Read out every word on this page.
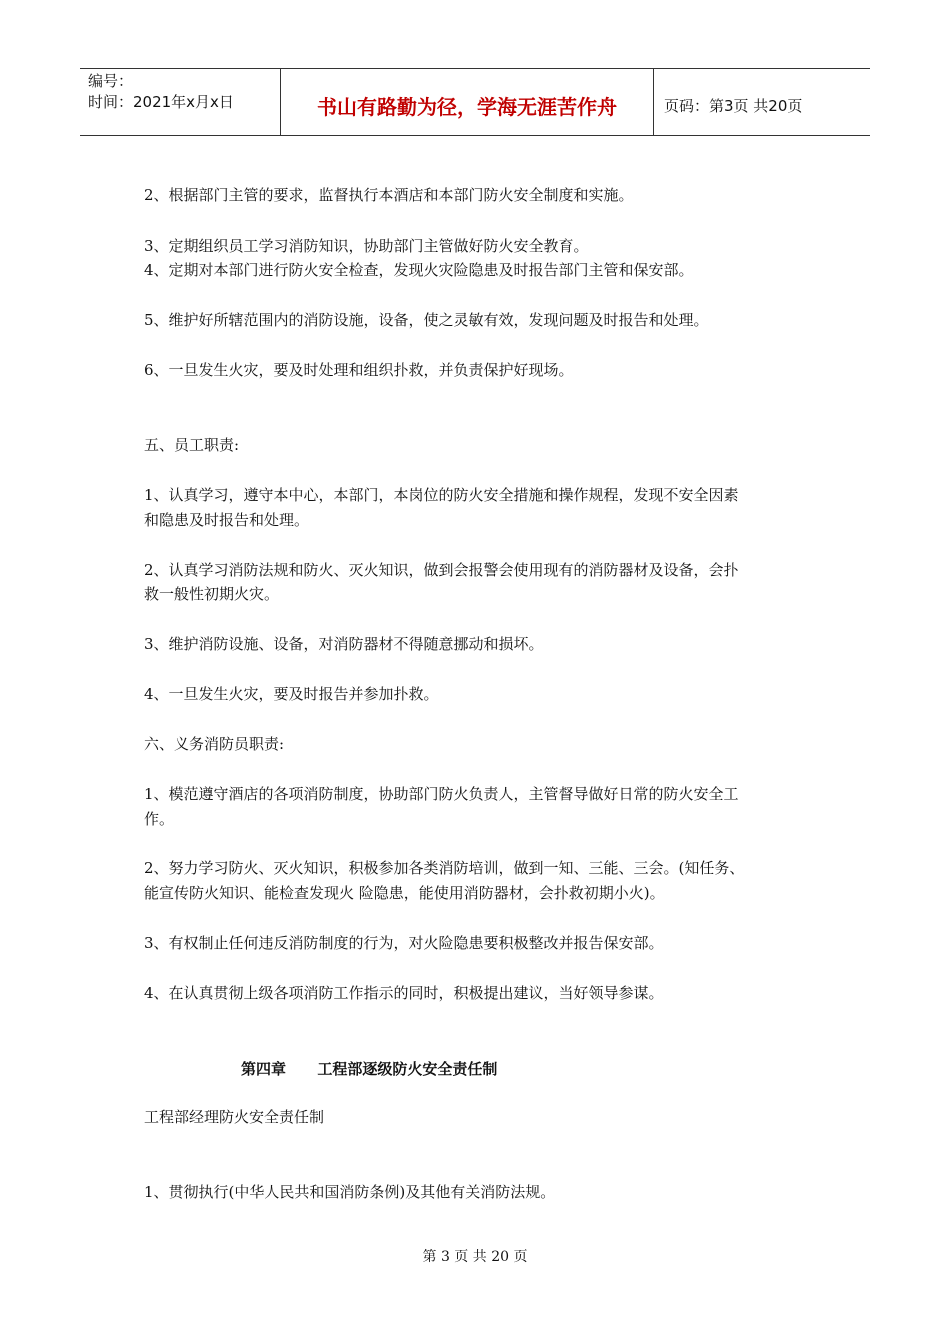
编号：
时间：2021年x月x日	书山有路勤为径，学海无涯苦作舟	页码：第3页 共20页
2、根据部门主管的要求，监督执行本酒店和本部门防火安全制度和实施。
3、定期组织员工学习消防知识，协助部门主管做好防火安全教育。
4、定期对本部门进行防火安全检查，发现火灾险隐患及时报告部门主管和保安部。
5、维护好所辖范围内的消防设施，设备，使之灵敏有效，发现问题及时报告和处理。
6、一旦发生火灾，要及时处理和组织扑救，并负责保护好现场。
五、员工职责:
1、认真学习，遵守本中心，本部门，本岗位的防火安全措施和操作规程，发现不安全因素
和隐患及时报告和处理。
2、认真学习消防法规和防火、灭火知识，做到会报警会使用现有的消防器材及设备，会扑
救一般性初期火灾。
3、维护消防设施、设备，对消防器材不得随意挪动和损坏。
4、一旦发生火灾，要及时报告并参加扑救。
六、义务消防员职责:
1、模范遵守酒店的各项消防制度，协助部门防火负责人，主管督导做好日常的防火安全工
作。
2、努力学习防火、灭火知识，积极参加各类消防培训，做到一知、三能、三会。(知任务、
能宣传防火知识、能检查发现火 险隐患，能使用消防器材，会扑救初期小火)。
3、有权制止任何违反消防制度的行为，对火险隐患要积极整改并报告保安部。
4、在认真贯彻上级各项消防工作指示的同时，积极提出建议，当好领导参谋。
第四章      工程部逐级防火安全责任制
工程部经理防火安全责任制
1、贯彻执行(中华人民共和国消防条例)及其他有关消防法规。
第 3 页 共 20 页
